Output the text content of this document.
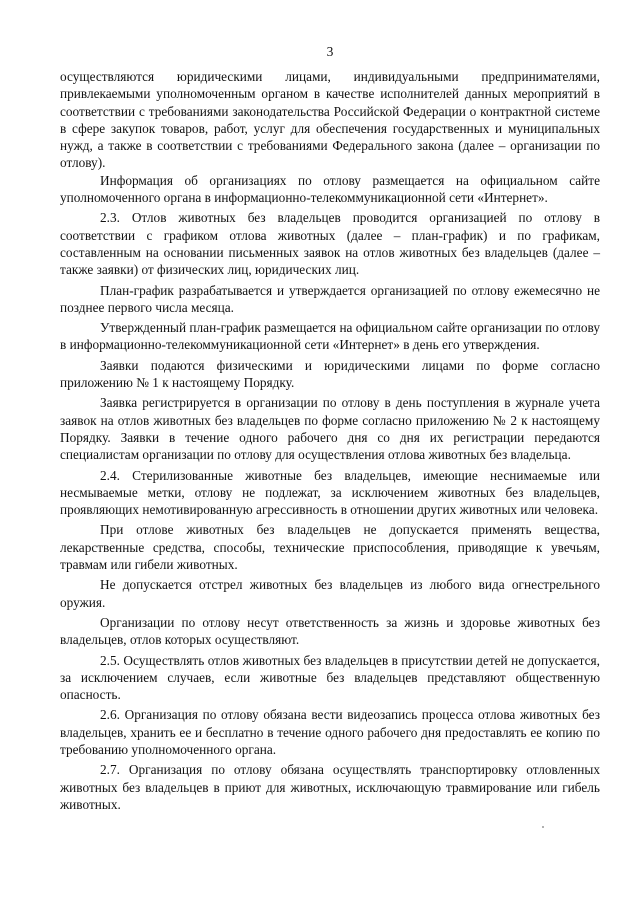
3

осуществляются юридическими лицами, индивидуальными предпринимателями, привлекаемыми уполномоченным органом в качестве исполнителей данных мероприятий в соответствии с требованиями законодательства Российской Федерации о контрактной системе в сфере закупок товаров, работ, услуг для обеспечения государственных и муниципальных нужд, а также в соответствии с требованиями Федерального закона (далее – организации по отлову).

Информация об организациях по отлову размещается на официальном сайте уполномоченного органа в информационно-телекоммуникационной сети «Интернет».

2.3. Отлов животных без владельцев проводится организацией по отлову в соответствии с графиком отлова животных (далее – план-график) и по графикам, составленным на основании письменных заявок на отлов животных без владельцев (далее – также заявки) от физических лиц, юридических лиц.

План-график разрабатывается и утверждается организацией по отлову ежемесячно не позднее первого числа месяца.

Утвержденный план-график размещается на официальном сайте организации по отлову в информационно-телекоммуникационной сети «Интернет» в день его утверждения.

Заявки подаются физическими и юридическими лицами по форме согласно приложению № 1 к настоящему Порядку.

Заявка регистрируется в организации по отлову в день поступления в журнале учета заявок на отлов животных без владельцев по форме согласно приложению № 2 к настоящему Порядку. Заявки в течение одного рабочего дня со дня их регистрации передаются специалистам организации по отлову для осуществления отлова животных без владельца.

2.4. Стерилизованные животные без владельцев, имеющие неснимаемые или несмываемые метки, отлову не подлежат, за исключением животных без владельцев, проявляющих немотивированную агрессивность в отношении других животных или человека.

При отлове животных без владельцев не допускается применять вещества, лекарственные средства, способы, технические приспособления, приводящие к увечьям, травмам или гибели животных.

Не допускается отстрел животных без владельцев из любого вида огнестрельного оружия.

Организации по отлову несут ответственность за жизнь и здоровье животных без владельцев, отлов которых осуществляют.

2.5. Осуществлять отлов животных без владельцев в присутствии детей не допускается, за исключением случаев, если животные без владельцев представляют общественную опасность.

2.6. Организация по отлову обязана вести видеозапись процесса отлова животных без владельцев, хранить ее и бесплатно в течение одного рабочего дня предоставлять ее копию по требованию уполномоченного органа.

2.7. Организация по отлову обязана осуществлять транспортировку отловленных животных без владельцев в приют для животных, исключающую травмирование или гибель животных.
